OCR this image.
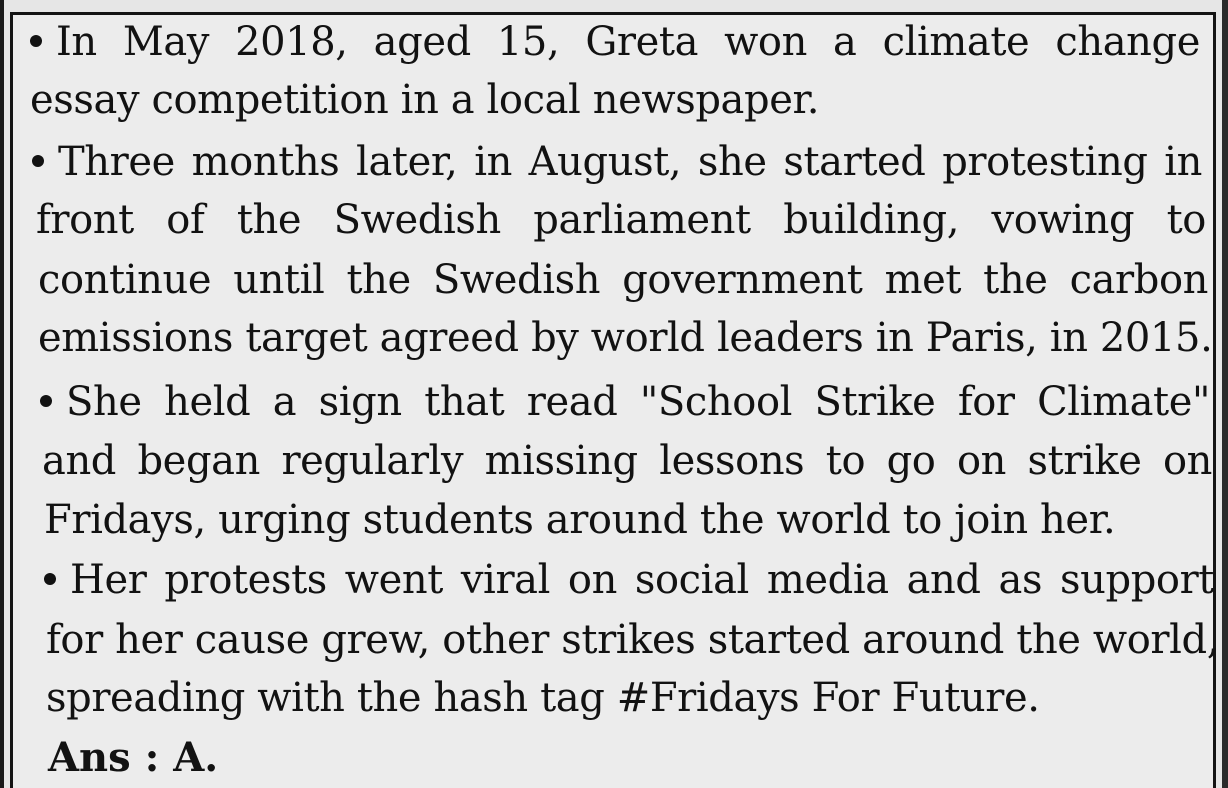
In May 2018, aged 15, Greta won a climate change

essay competition in a local newspaper.

Three months later, in August, she started protesting in

front of the Swedish parliament building, vowing to

continue until the Swedish government met the carbon

emissions target agreed by world leaders in Paris, in 2015.

She held a sign that read "School Strike for Climate"

and began regularly missing lessons to go on strike on

Fridays, urging students around the world to join her.

Her protests went viral on social media and as support

for her cause grew, other strikes started around the world,

spreading with the hash tag #Fridays For Future.

Ans : A.
